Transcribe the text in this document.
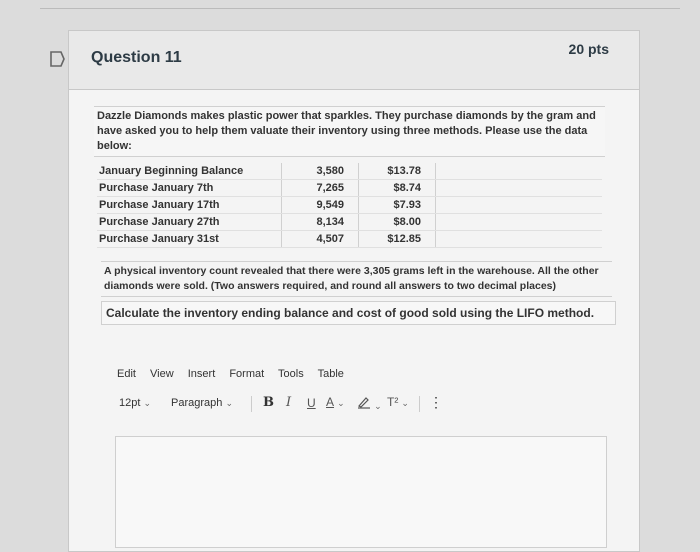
Question 11	20 pts
Dazzle Diamonds makes plastic power that sparkles. They purchase diamonds by the gram and have asked you to help them valuate their inventory using three methods. Please use the data below:
January Beginning Balance	3,580	$13.78	
Purchase January 7th	7,265	$8.74	
Purchase January 17th	9,549	$7.93	
Purchase January 27th	8,134	$8.00	
Purchase January 31st	4,507	$12.85	
A physical inventory count revealed that there were 3,305 grams left in the warehouse. All the other diamonds were sold. (Two answers required, and round all answers to two decimal places)
Calculate the inventory ending balance and cost of good sold using the LIFO method.
Edit View Insert Format Tools Table
12pt ⌄ Paragraph ⌄ B I U A ⌄	⌄ T² ⌄ ⋮
